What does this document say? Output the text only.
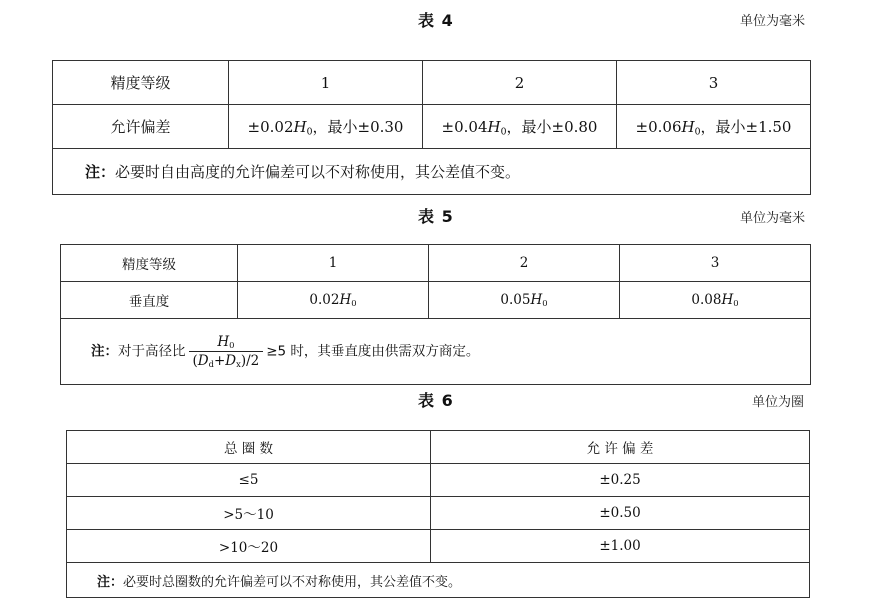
表 4	单位为毫米
精度等级	1	2	3
允许偏差	$\pm 0.02H_0$，最小±0.30	$\pm 0.04H_0$，最小±0.80	$\pm 0.06H_0$，最小±1.50
注：必要时自由高度的允许偏差可以不对称使用，其公差值不变。			
表 5	单位为毫米
精度等级	1	2	3
垂直度	$0.02H_0$	$0.05H_0$	$0.08H_0$
注：对于高径比 $\frac{H_0}{(D_d+D_x)/2} \ge 5$ 时，其垂直度由供需双方商定。			
表 6	单位为圈
总 圈 数	允 许 偏 差
≤5	±0.25
>5～10	±0.50
>10～20	±1.00
注：必要时总圈数的允许偏差可以不对称使用，其公差值不变。	
